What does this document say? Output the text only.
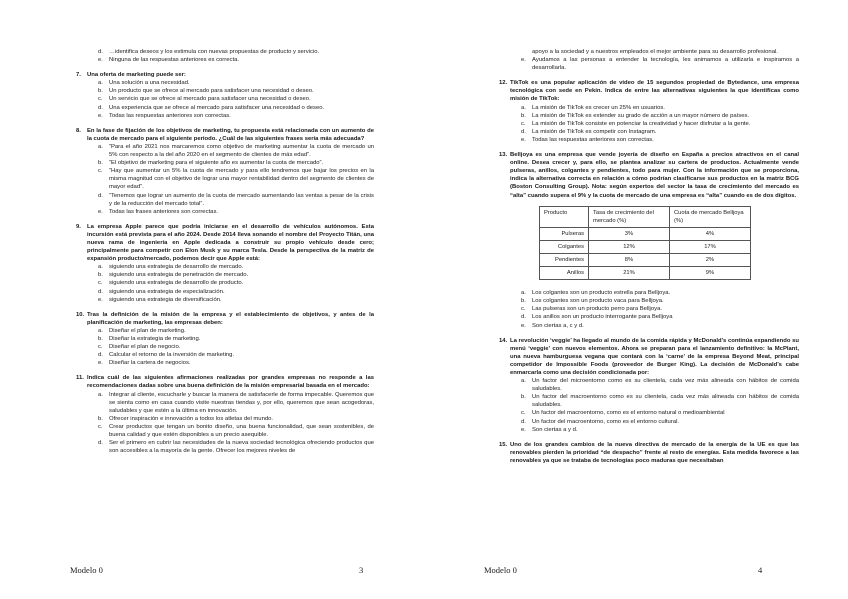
d.	…identifica deseos y los estimula con nuevas propuestas de producto y servicio.
e.	Ninguna de las respuestas anteriores es correcta.
7.	Una oferta de marketing puede ser:
a.	Una solución a una necesidad.
b.	Un producto que se ofrece al mercado para satisfacer una necesidad o deseo.
c.	Un servicio que se ofrece al mercado para satisfacer una necesidad o deseo.
d.	Una experiencia que se ofrece al mercado para satisfacer una necesidad o deseo.
e.	Todas las respuestas anteriores son correctas.
8.	En la fase de fijación de los objetivos de marketing, tu propuesta está relacionada con un aumento de la cuota de mercado para el siguiente periodo. ¿Cuál de las siguientes frases sería más adecuada?
a.	“Para el año 2021 nos marcaremos como objetivo de marketing aumentar la cuota de mercado un 5% con respecto a la del año 2020 en el segmento de clientes de más edad”.
b.	“El objetivo de marketing para el siguiente año es aumentar la cuota de mercado”.
c.	“Hay que aumentar un 5% la cuota de mercado y para ello tendremos que bajar los precios en la misma magnitud con el objetivo de lograr una mayor rentabilidad dentro del segmento de clientes de mayor edad”.
d.	“Tenemos que lograr un aumento de la cuota de mercado aumentando las ventas a pesar de la crisis y de la reducción del mercado total”.
e.	Todas las frases anteriores son correctas.
9.	La empresa Apple parece que podría iniciarse en el desarrollo de vehículos autónomos. Esta incursión está prevista para el año 2024. Desde 2014 lleva sonando el nombre del Proyecto Titán, una nueva rama de ingeniería en Apple dedicada a construir su propio vehículo desde cero; principalmente para competir con Elon Musk y su marca Tesla. Desde la perspectiva de la matriz de expansión producto/mercado, podemos decir que Apple está:
a.	siguiendo una estrategia de desarrollo de mercado.
b.	siguiendo una estrategia de penetración de mercado.
c.	siguiendo una estrategia de desarrollo de producto.
d.	siguiendo una estrategia de especialización.
e.	siguiendo una estrategia de diversificación.
10. Tras la definición de la misión de la empresa y el establecimiento de objetivos, y antes de la planificación de marketing, las empresas deben:
a.	Diseñar el plan de marketing.
b.	Diseñar la estrategia de marketing.
c.	Diseñar el plan de negocio.
d.	Calcular el retorno de la inversión de marketing.
e.	Diseñar la cartera de negocios.
11. Indica cuál de las siguientes afirmaciones realizadas por grandes empresas no responde a las recomendaciones dadas sobre una buena definición de la misión empresarial basada en el mercado:
a.	Integrar al cliente, escucharle y buscar la manera de satisfacerle de forma impecable. Queremos que se sienta como en casa cuando visite nuestras tiendas y, por ello, queremos que sean acogedoras, saludables y que estén a la última en innovación.
b.	Ofrecer inspiración e innovación a todos los atletas del mundo.
c.	Crear productos que tengan un bonito diseño, una buena funcionalidad, que sean sostenibles, de buena calidad y que estén disponibles a un precio asequible.
d.	Ser el primero en cubrir las necesidades de la nueva sociedad tecnológica ofreciendo productos que son accesibles a la mayoría de la gente. Ofrecer los mejores niveles de
Modelo 0	3
apoyo a la sociedad y a nuestros empleados el mejor ambiente para su desarrollo profesional.
e.	Ayudamos a las personas a entender la tecnología, les animamos a utilizarla e inspiramos a desarrollarla.
12. TikTok es una popular aplicación de video de 15 segundos propiedad de Bytedance, una empresa tecnológica con sede en Pekín. Indica de entre las alternativas siguientes la que identificas como misión de TikTok:
a.	La misión de TikTok es crecer un 25% en usuarios.
b.	La misión de TikTok es extender su grado de acción a un mayor número de países.
c.	La misión de TikTok consiste en potenciar la creatividad y hacer disfrutar a la gente.
d.	La misión de TikTok es competir con Instagram.
e.	Todas las respuestas anteriores son correctas.
13. Belljoya es una empresa que vende joyería de diseño en España a precios atractivos en el canal online. Desea crecer y, para ello, se plantea analizar su cartera de productos. Actualmente vende pulseras, anillos, colgantes y pendientes, todo para mujer. Con la información que se proporciona, indica la alternativa correcta en relación a cómo podrían clasificarse sus productos en la matriz BCG (Boston Consulting Group). Nota: según expertos del sector la tasa de crecimiento del mercado es “alta” cuando supera el 9% y la cuota de mercado de una empresa es “alta” cuando es de dos dígitos.
Producto	Tasa de crecimiento del mercado (%)	Cuota de mercado Belljoya (%)
Pulseras	3%	4%
Colgantes	12%	17%
Pendientes	8%	2%
Anillos	21%	9%
a.	Los colgantes son un producto estrella para Belljoya.
b.	Los colgantes son un producto vaca para Belljoya.
c.	Las pulseras son un producto perro para Belljoya.
d.	Los anillos son un producto interrogante para Belljoya
e.	Son ciertas a, c y d.
14. La revolución ‘veggie’ ha llegado al mundo de la comida rápida y McDonald’s continúa expandiendo su menú ‘veggie’ con nuevos elementos. Ahora se preparan para el lanzamiento definitivo: la McPlant, una nueva hamburguesa vegana que contará con la ‘carne’ de la empresa Beyond Meat, principal competidor de Impossible Foods (proveedor de Burger King). La decisión de McDonald’s cabe enmarcarla como una decisión condicionada por:
a.	Un factor del microentorno como es su clientela, cada vez más alineada con hábitos de comida saludables.
b.	Un factor del macroentorno como es su clientela, cada vez más alineada con hábitos de comida saludables.
c.	Un factor del macroentorno, como es el entorno natural o medioambiental
d.	Un factor del macroentorno, como es el entorno cultural.
e.	Son ciertas a y d.
15. Uno de los grandes cambios de la nueva directiva de mercado de la energía de la UE es que las renovables pierden la prioridad “de despacho” frente al resto de energías. Esta medida favorece a las renovables ya que se trataba de tecnologías poco maduras que necesitaban
Modelo 0	4
